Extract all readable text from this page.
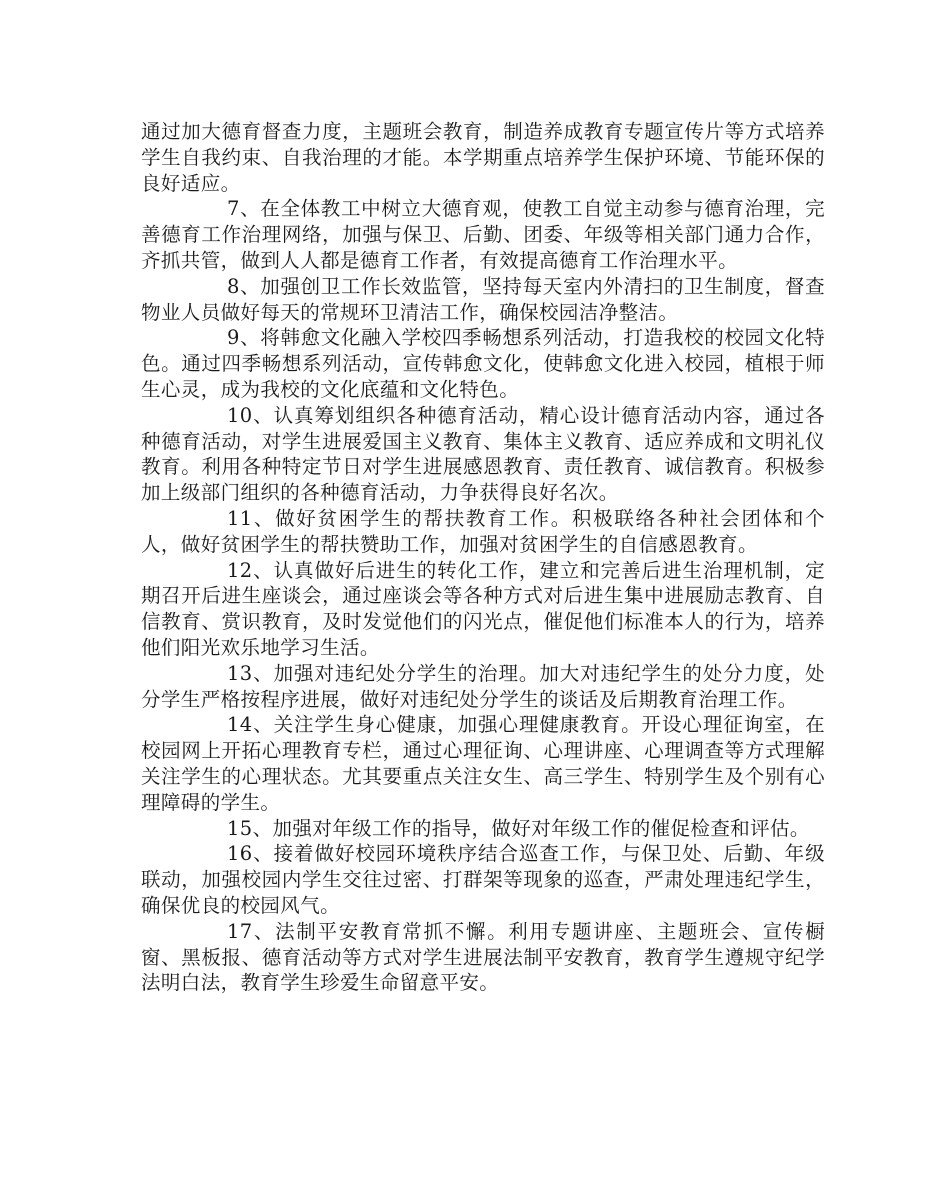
通过加大德育督查力度，主题班会教育，制造养成教育专题宣传片等方式培养学生自我约束、自我治理的才能。本学期重点培养学生保护环境、节能环保的良好适应。

7、在全体教工中树立大德育观，使教工自觉主动参与德育治理，完善德育工作治理网络，加强与保卫、后勤、团委、年级等相关部门通力合作，齐抓共管，做到人人都是德育工作者，有效提高德育工作治理水平。

8、加强创卫工作长效监管，坚持每天室内外清扫的卫生制度，督查物业人员做好每天的常规环卫清洁工作，确保校园洁净整洁。

9、将韩愈文化融入学校四季畅想系列活动，打造我校的校园文化特色。通过四季畅想系列活动，宣传韩愈文化，使韩愈文化进入校园，植根于师生心灵，成为我校的文化底蕴和文化特色。

10、认真筹划组织各种德育活动，精心设计德育活动内容，通过各种德育活动，对学生进展爱国主义教育、集体主义教育、适应养成和文明礼仪教育。利用各种特定节日对学生进展感恩教育、责任教育、诚信教育。积极参加上级部门组织的各种德育活动，力争获得良好名次。

11、做好贫困学生的帮扶教育工作。积极联络各种社会团体和个人，做好贫困学生的帮扶赞助工作，加强对贫困学生的自信感恩教育。

12、认真做好后进生的转化工作，建立和完善后进生治理机制，定期召开后进生座谈会，通过座谈会等各种方式对后进生集中进展励志教育、自信教育、赏识教育，及时发觉他们的闪光点，催促他们标准本人的行为，培养他们阳光欢乐地学习生活。

13、加强对违纪处分学生的治理。加大对违纪学生的处分力度，处分学生严格按程序进展，做好对违纪处分学生的谈话及后期教育治理工作。

14、关注学生身心健康，加强心理健康教育。开设心理征询室，在校园网上开拓心理教育专栏，通过心理征询、心理讲座、心理调查等方式理解关注学生的心理状态。尤其要重点关注女生、高三学生、特别学生及个别有心理障碍的学生。

15、加强对年级工作的指导，做好对年级工作的催促检查和评估。

16、接着做好校园环境秩序结合巡查工作，与保卫处、后勤、年级联动，加强校园内学生交往过密、打群架等现象的巡查，严肃处理违纪学生，确保优良的校园风气。

17、法制平安教育常抓不懈。利用专题讲座、主题班会、宣传橱窗、黑板报、德育活动等方式对学生进展法制平安教育，教育学生遵规守纪学法明白法，教育学生珍爱生命留意平安。
